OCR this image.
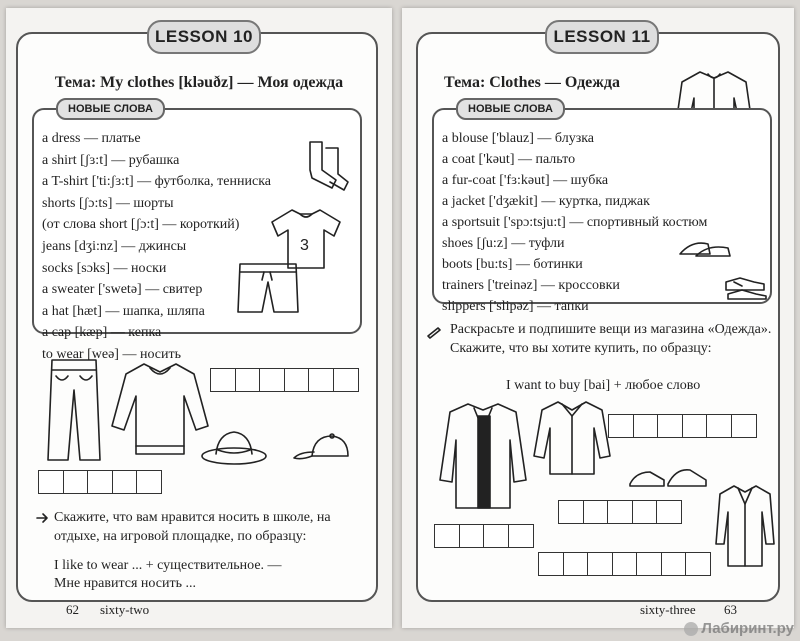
LESSON 10
Тема: My clothes [klǝuðz] — Моя одежда
НОВЫЕ СЛОВА
a dress — платье
a shirt [ʃɜ:t] — рубашка
a T-shirt ['ti:ʃɜ:t] — футболка, тенниска
shorts [ʃɔ:ts] — шорты
(от слова short [ʃɔ:t] — короткий)
jeans [dʒi:nz] — джинсы
socks [sɔks] — носки
a sweater ['swetǝ] — свитер
a hat [hæt] — шапка, шляпа
a cap [kæp] — кепка
to wear [weǝ] — носить
3
Скажите, что вам нравится носить в школе, на отдыхе, на игровой площадке, по образцу:
I like to wear ... + существительное. —
Мне нравится носить ...
62 sixty-two
LESSON 11
Тема: Clothes — Одежда
НОВЫЕ СЛОВА
a blouse ['blauz] — блузка
a coat ['kǝut] — пальто
a fur-coat ['fɜ:kǝut] — шубка
a jacket ['dʒækit] — куртка, пиджак
a sportsuit ['spɔ:tsju:t] — спортивный костюм
shoes [ʃu:z] — туфли
boots [bu:ts] — ботинки
trainers ['treinǝz] — кроссовки
slippers ['slipǝz] — тапки
Раскрасьте и подпишите вещи из магазина «Одежда». Скажите, что вы хотите купить, по образцу:
I want to buy [bai] + любое слово
sixty-three 63
Лабиринт.ру
